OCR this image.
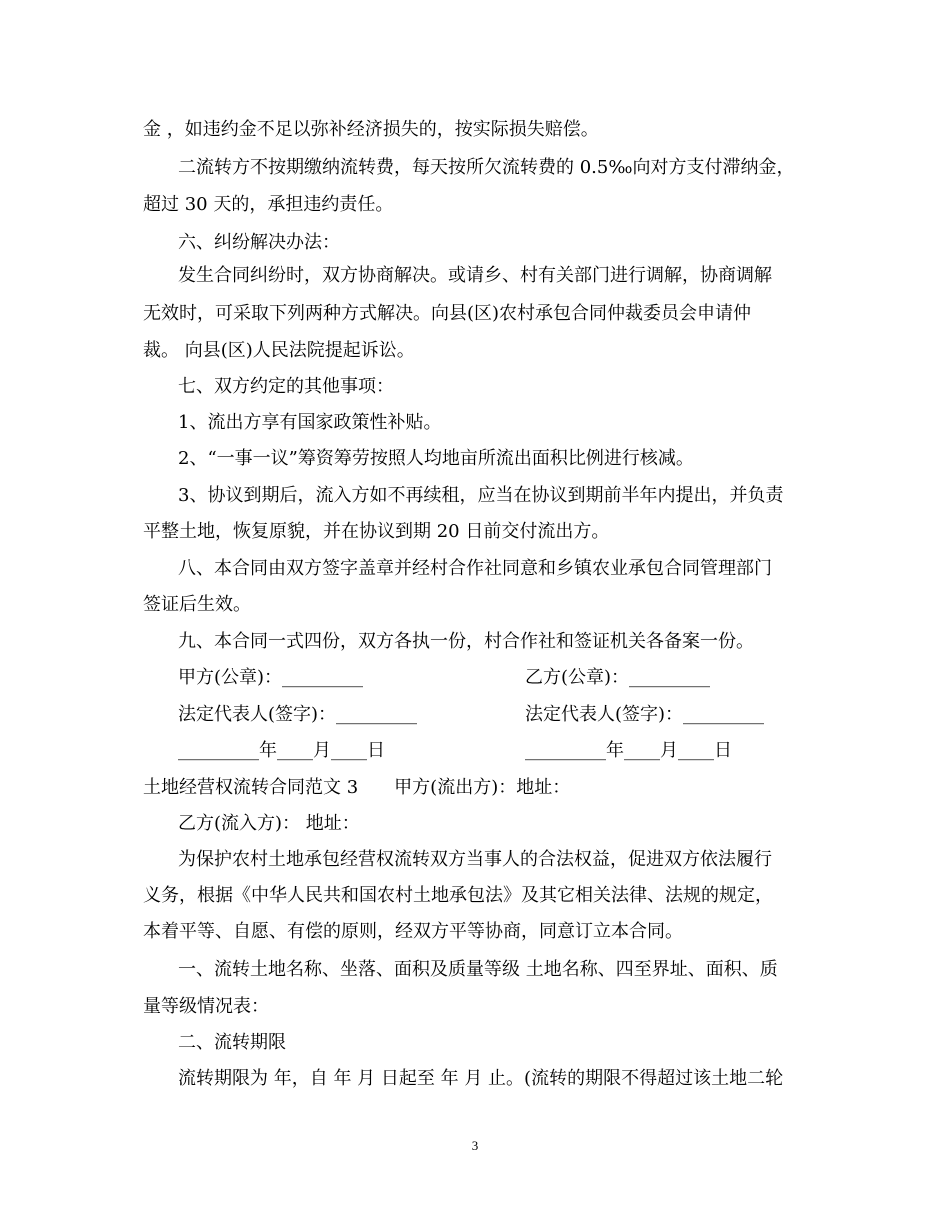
金 ，如违约金不足以弥补经济损失的，按实际损失赔偿。
二流转方不按期缴纳流转费，每天按所欠流转费的 0.5‰向对方支付滞纳金，
超过 30 天的，承担违约责任。
六、纠纷解决办法：
发生合同纠纷时，双方协商解决。或请乡、村有关部门进行调解，协商调解
无效时，可采取下列两种方式解决。向县(区)农村承包合同仲裁委员会申请仲
裁。 向县(区)人民法院提起诉讼。
七、双方约定的其他事项：
1、流出方享有国家政策性补贴。
2、“一事一议”筹资筹劳按照人均地亩所流出面积比例进行核减。
3、协议到期后，流入方如不再续租，应当在协议到期前半年内提出，并负责
平整土地，恢复原貌，并在协议到期 20 日前交付流出方。
八、本合同由双方签字盖章并经村合作社同意和乡镇农业承包合同管理部门
签证后生效。
九、本合同一式四份，双方各执一份，村合作社和签证机关各备案一份。
甲方(公章)：_________	乙方(公章)：_________
法定代表人(签字)：_________	法定代表人(签字)：_________
_________年____月____日	_________年____月____日
土地经营权流转合同范文 3　　甲方(流出方)：地址：
乙方(流入方)： 地址：
为保护农村土地承包经营权流转双方当事人的合法权益，促进双方依法履行
义务，根据《中华人民共和国农村土地承包法》及其它相关法律、法规的规定，
本着平等、自愿、有偿的原则，经双方平等协商，同意订立本合同。
一、流转土地名称、坐落、面积及质量等级 土地名称、四至界址、面积、质
量等级情况表：
二、流转期限
流转期限为 年，自 年 月 日起至 年 月 止。(流转的期限不得超过该土地二轮
3
